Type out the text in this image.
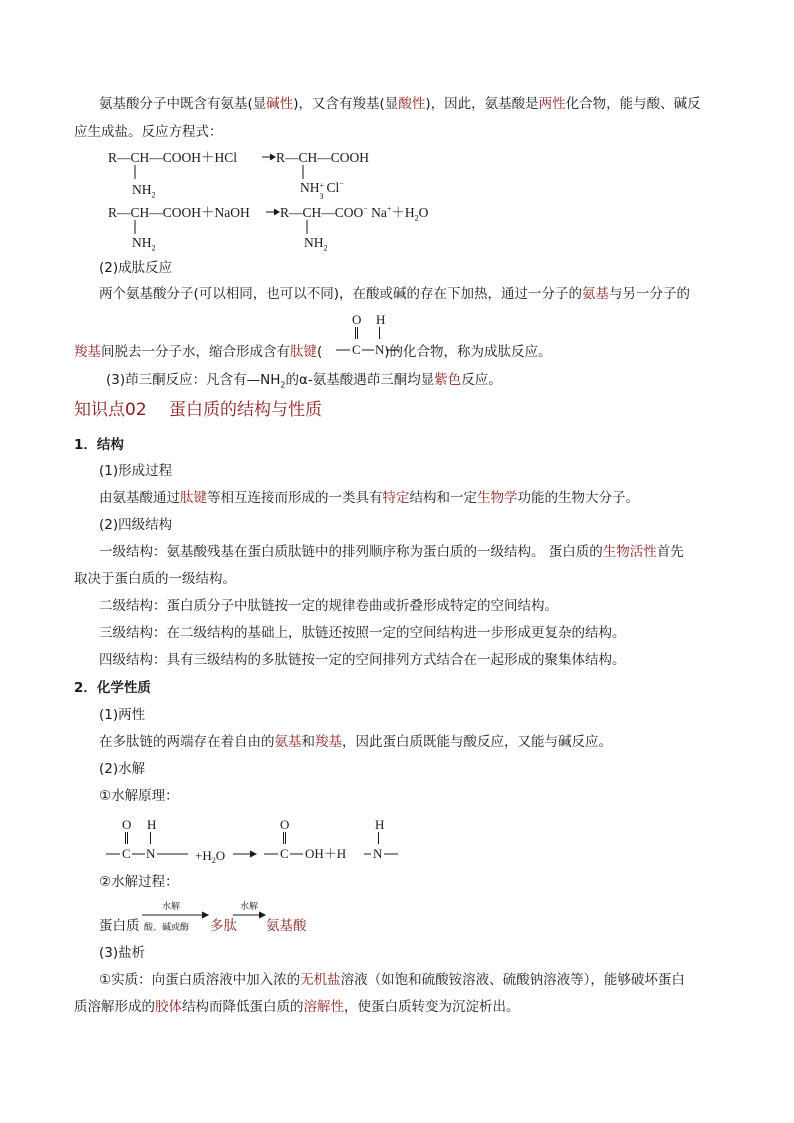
氨基酸分子中既含有氨基(显碱性)，又含有羧基(显酸性)，因此，氨基酸是两性化合物，能与酸、碱反
应生成盐。反应方程式：
R—CH—COOH＋HCl	R—CH—COOH
$NH_2$
NH +
3
Cl−
R—CH—COOH＋NaOH R—CH—COO− $Na^++H_2O$
$NH_2$	$NH_2$
(2)成肽反应
两个氨基酸分子(可以相同，也可以不同)，在酸或碱的存在下加热，通过一分子的氨基与另一分子的
羧基间脱去一分子水，缩合形成含有肽键(	)的化合物，称为成肽反应。
O H
C N
(3)茚三酮反应：凡含有$—NH_2$的α-氨基酸遇茚三酮均显紫色反应。
知识点02　 蛋白质的结构与性质
1．结构
(1)形成过程
由氨基酸通过肽键等相互连接而形成的一类具有特定结构和一定生物学功能的生物大分子。
(2)四级结构
一级结构：氨基酸残基在蛋白质肽链中的排列顺序称为蛋白质的一级结构。 蛋白质的生物活性首先
取决于蛋白质的一级结构。
二级结构：蛋白质分子中肽链按一定的规律卷曲或折叠形成特定的空间结构。
三级结构：在二级结构的基础上，肽链还按照一定的空间结构进一步形成更复杂的结构。
四级结构：具有三级结构的多肽链按一定的空间排列方式结合在一起形成的聚集体结构。
2．化学性质
(1)两性
在多肽链的两端存在着自由的氨基和羧基，因此蛋白质既能与酸反应，又能与碱反应。
(2)水解
①水解原理：
O H
C N	$+H_2O$
O
C OH＋H
H
N
②水解过程：
蛋白质
水解
酸、碱或酶
水解
多肽 氨基酸
(3)盐析
①实质：向蛋白质溶液中加入浓的无机盐溶液（如饱和硫酸铵溶液、硫酸钠溶液等），能够破坏蛋白
质溶解形成的胶体结构而降低蛋白质的溶解性，使蛋白质转变为沉淀析出。
